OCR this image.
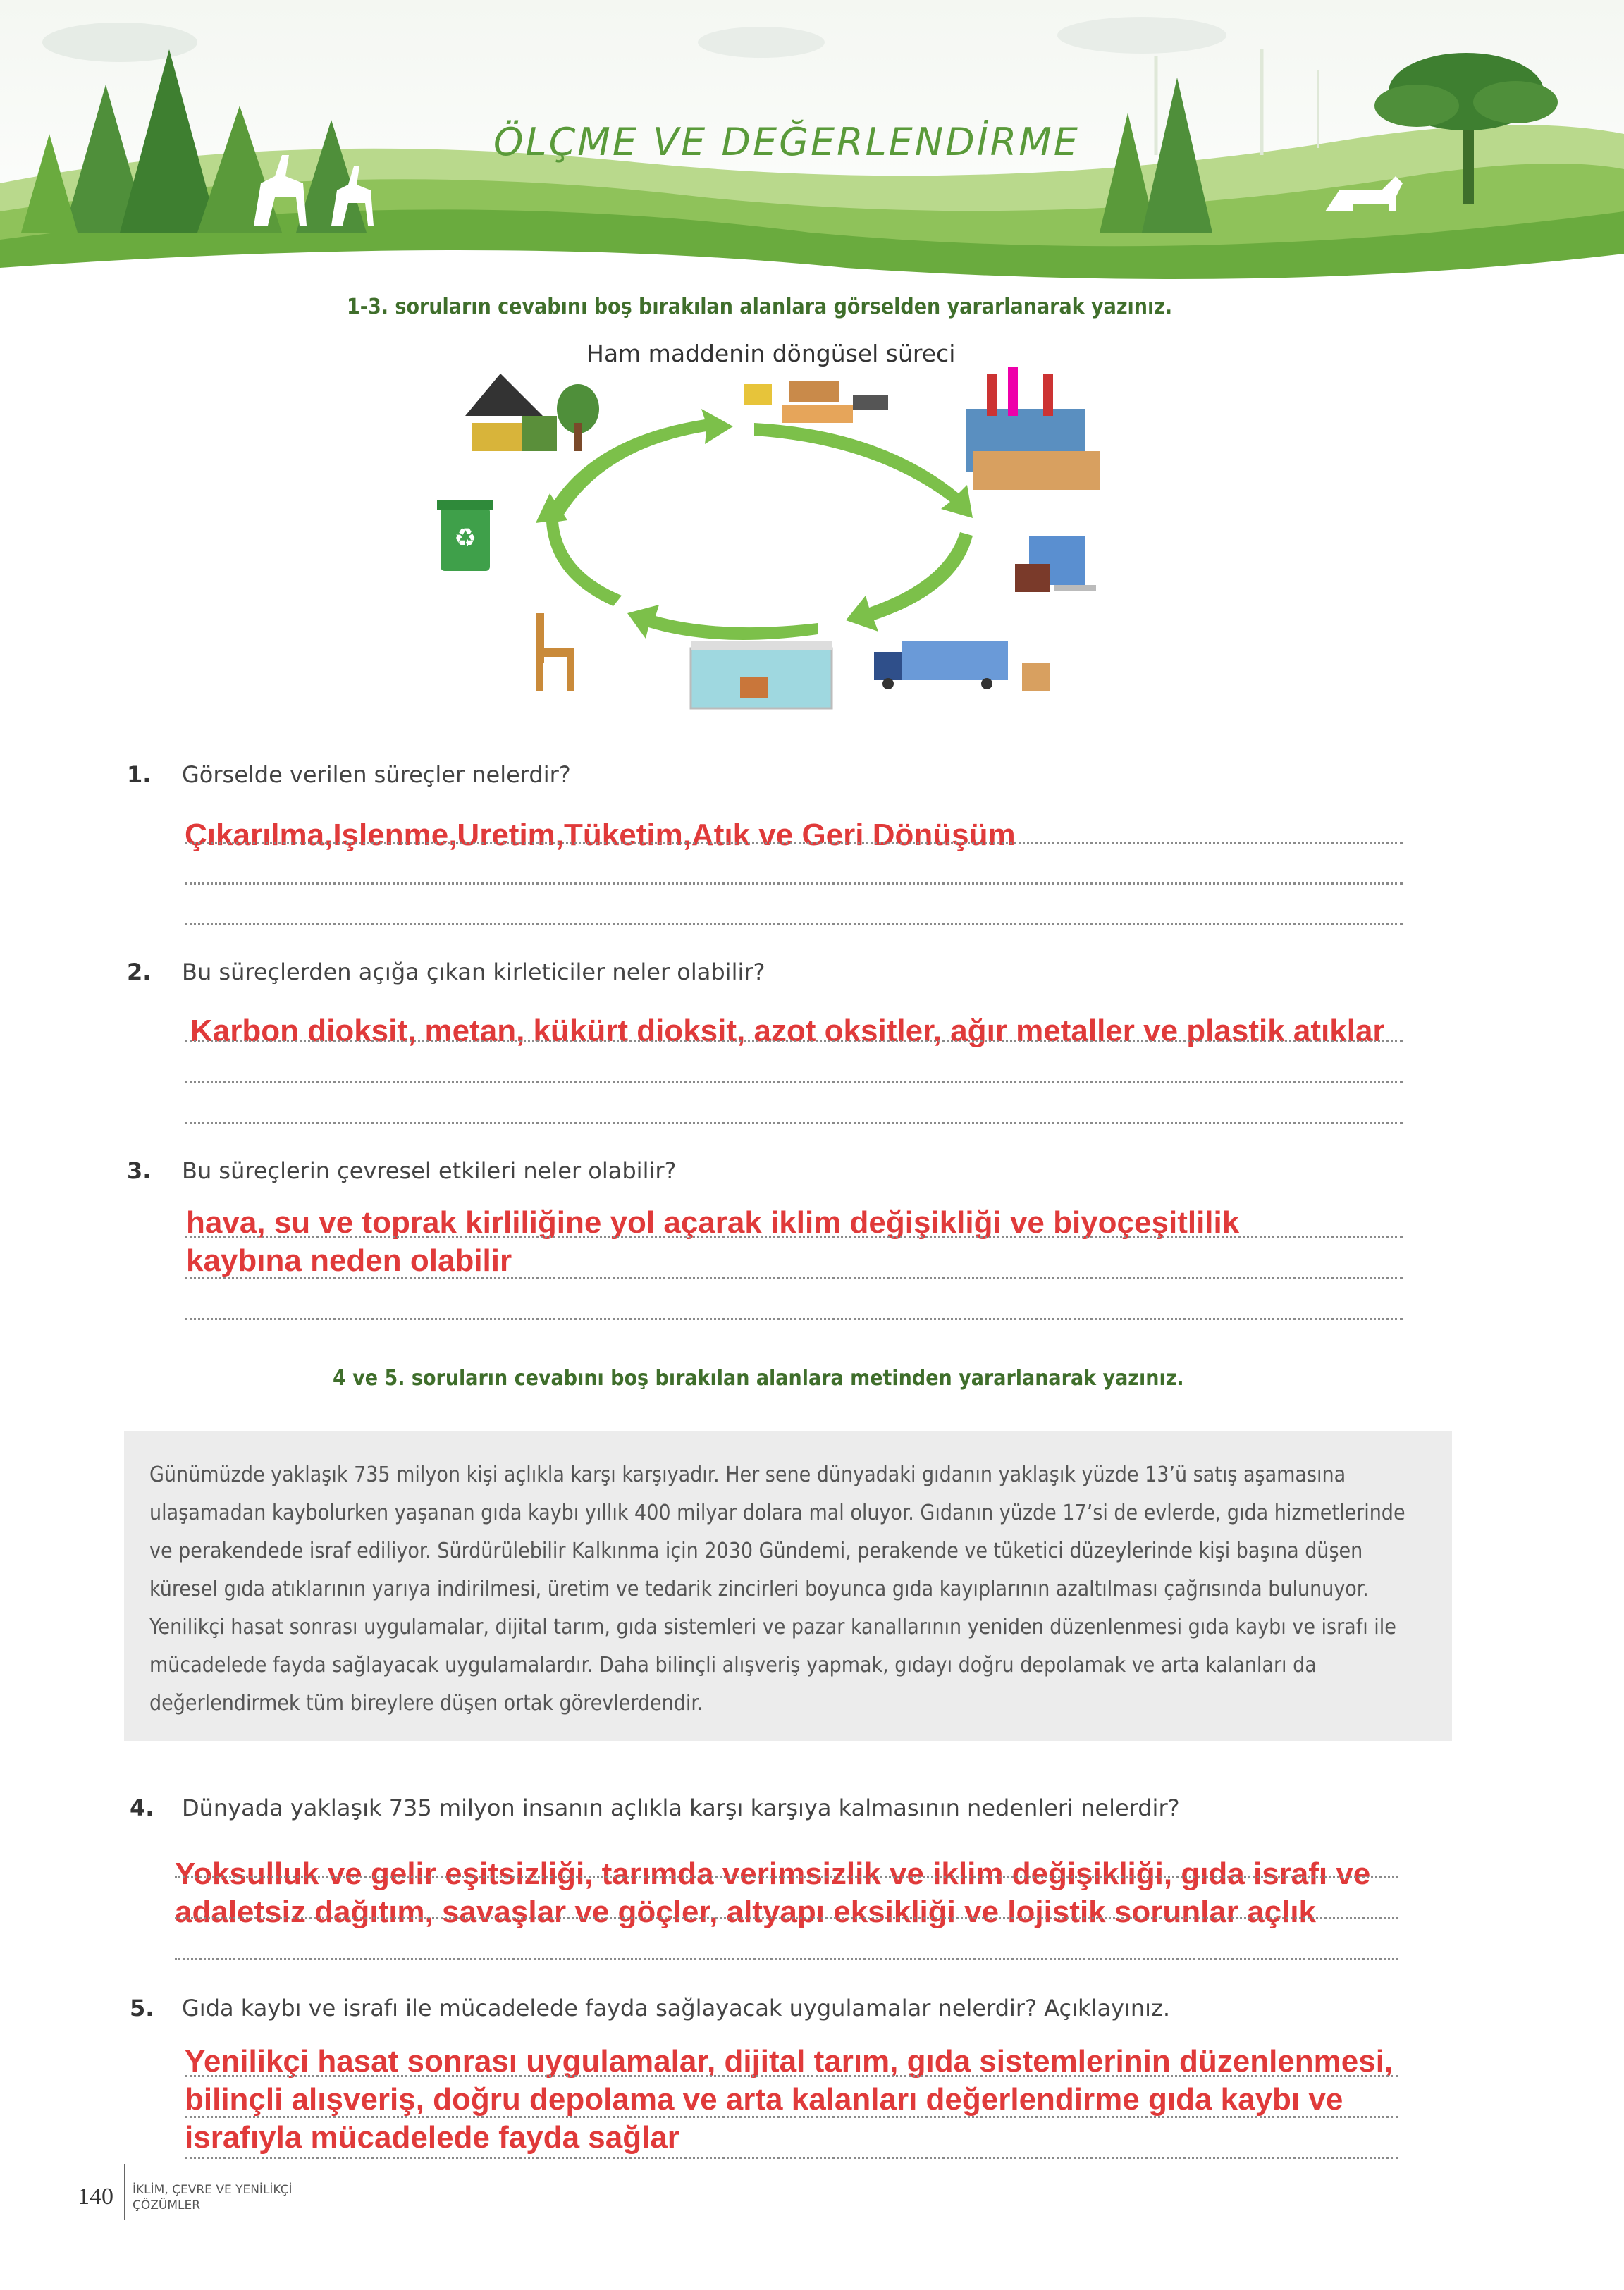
ÖLÇME VE DEĞERLENDİRME
1-3. soruların cevabını boş bırakılan alanlara görselden yararlanarak yazınız.
Ham maddenin döngüsel süreci
♻
1. Görselde verilen süreçler nelerdir?
Çıkarılma,Işlenme,Uretim,Tüketim,Atık ve Geri Dönüşüm
2. Bu süreçlerden açığa çıkan kirleticiler neler olabilir?
Karbon dioksit, metan, kükürt dioksit, azot oksitler, ağır metaller ve plastik atıklar
3. Bu süreçlerin çevresel etkileri neler olabilir?
hava, su ve toprak kirliliğine yol açarak iklim değişikliği ve biyoçeşitlilik kaybına neden olabilir
4 ve 5. soruların cevabını boş bırakılan alanlara metinden yararlanarak yazınız.

Günümüzde yaklaşık 735 milyon kişi açlıkla karşı karşıyadır. Her sene dünyadaki gıdanın yaklaşık yüzde 13’ü satış aşamasına ulaşamadan kaybolurken yaşanan gıda kaybı yıllık 400 milyar dolara mal oluyor. Gıdanın yüzde 17’si de evlerde, gıda hizmetlerinde ve perakendede israf ediliyor. Sürdürülebilir Kalkınma için 2030 Gündemi, perakende ve tüketici düzeylerinde kişi başına düşen küresel gıda atıklarının yarıya indirilmesi, üretim ve tedarik zincirleri boyunca gıda kayıplarının azaltılması çağrısında bulunuyor. Yenilikçi hasat sonrası uygulamalar, dijital tarım, gıda sistemleri ve pazar kanallarının yeniden düzenlenmesi gıda kaybı ve israfı ile mücadelede fayda sağlayacak uygulamalardır. Daha bilinçli alışveriş yapmak, gıdayı doğru depolamak ve arta kalanları da değerlendirmek tüm bireylere düşen ortak görevlerdendir.

4. Dünyada yaklaşık 735 milyon insanın açlıkla karşı karşıya kalmasının nedenleri nelerdir?
Yoksulluk ve gelir eşitsizliği, tarımda verimsizlik ve iklim değişikliği, gıda israfı ve adaletsiz dağıtım, savaşlar ve göçler, altyapı eksikliği ve lojistik sorunlar açlık
5. Gıda kaybı ve israfı ile mücadelede fayda sağlayacak uygulamalar nelerdir? Açıklayınız.
Yenilikçi hasat sonrası uygulamalar, dijital tarım, gıda sistemlerinin düzenlenmesi, bilinçli alışveriş, doğru depolama ve arta kalanları değerlendirme gıda kaybı ve israfıyla mücadelede fayda sağlar
140 İKLİM, ÇEVRE VE YENİLİKÇİ ÇÖZÜMLER
